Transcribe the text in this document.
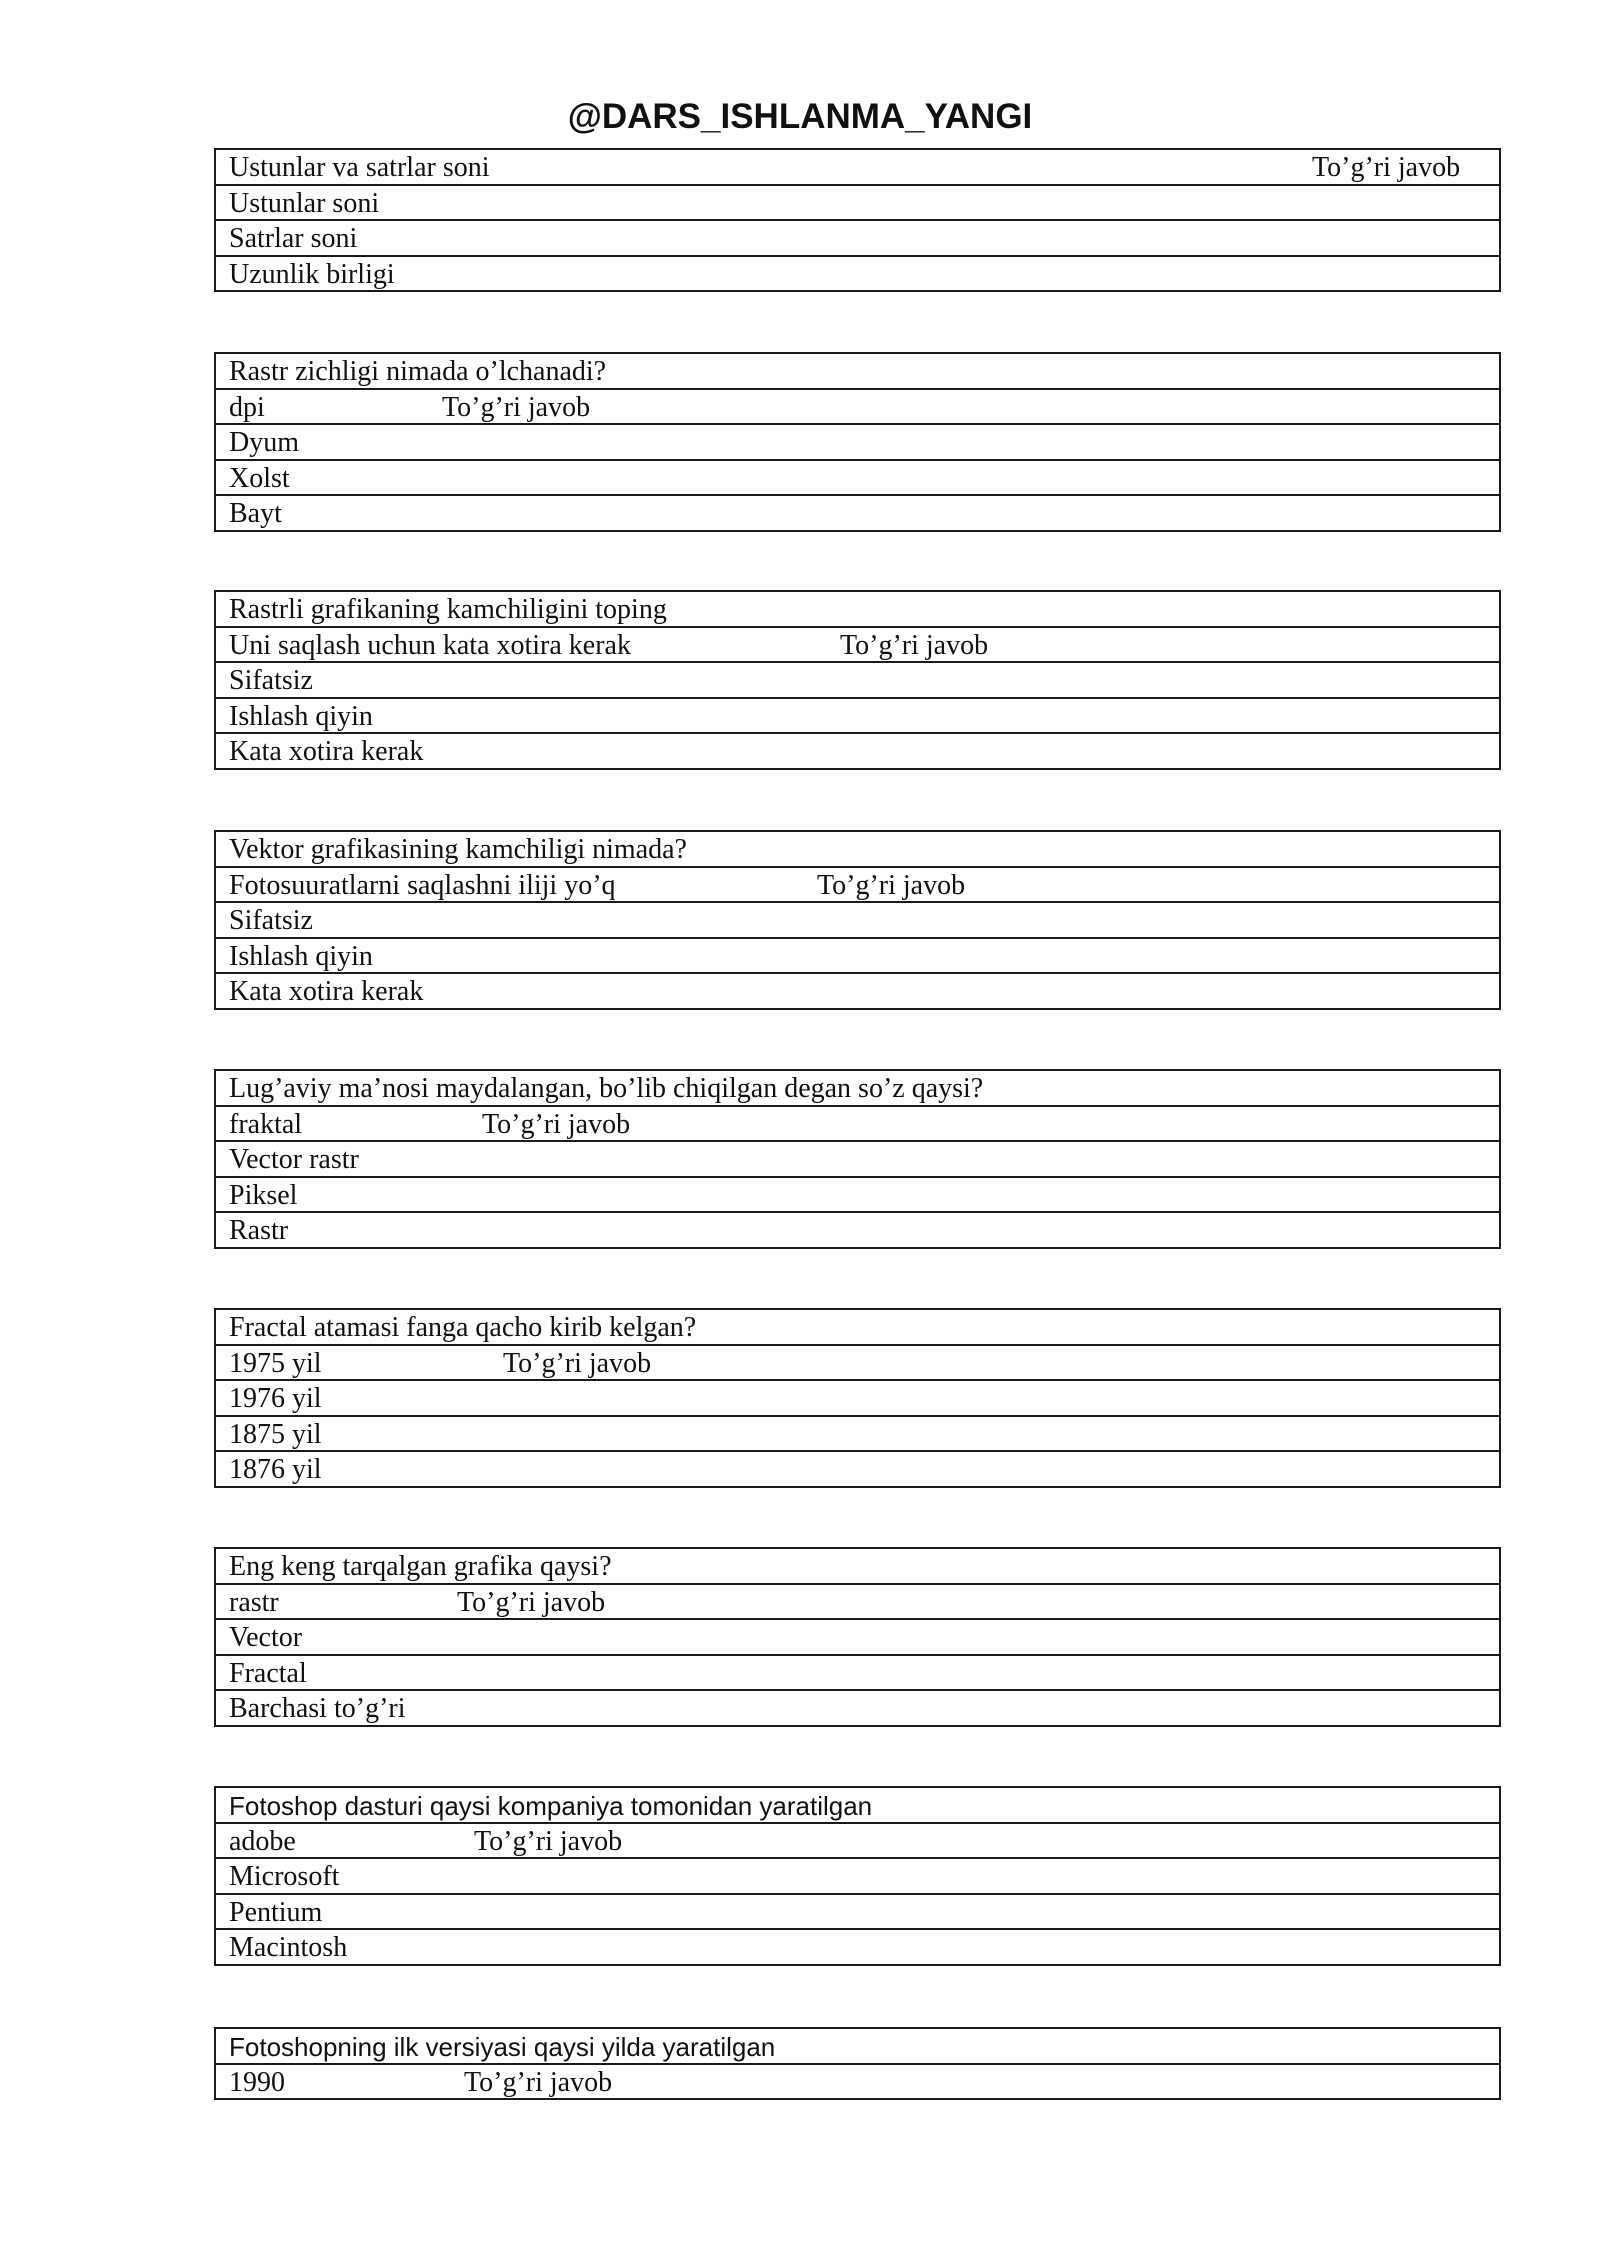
@DARS_ISHLANMA_YANGI
Ustunlar va satrlar soni	To’g’ri javob
Ustunlar soni
Satrlar soni
Uzunlik birligi
Rastr zichligi nimada o’lchanadi?
dpi	To’g’ri javob
Dyum
Xolst
Bayt
Rastrli grafikaning kamchiligini toping
Uni saqlash uchun kata xotira kerak	To’g’ri javob
Sifatsiz
Ishlash qiyin
Kata xotira kerak
Vektor grafikasining kamchiligi nimada?
Fotosuuratlarni saqlashni iliji yo’q	To’g’ri javob
Sifatsiz
Ishlash qiyin
Kata xotira kerak
Lug’aviy ma’nosi maydalangan, bo’lib chiqilgan degan so’z qaysi?
fraktal	To’g’ri javob
Vector rastr
Piksel
Rastr
Fractal atamasi fanga qacho kirib kelgan?
1975 yil	To’g’ri javob
1976 yil
1875 yil
1876 yil
Eng keng tarqalgan grafika qaysi?
rastr	To’g’ri javob
Vector
Fractal
Barchasi to’g’ri
Fotoshop dasturi qaysi kompaniya tomonidan yaratilgan
adobe	To’g’ri javob
Microsoft
Pentium
Macintosh
Fotoshopning ilk versiyasi qaysi yilda yaratilgan
1990	To’g’ri javob
